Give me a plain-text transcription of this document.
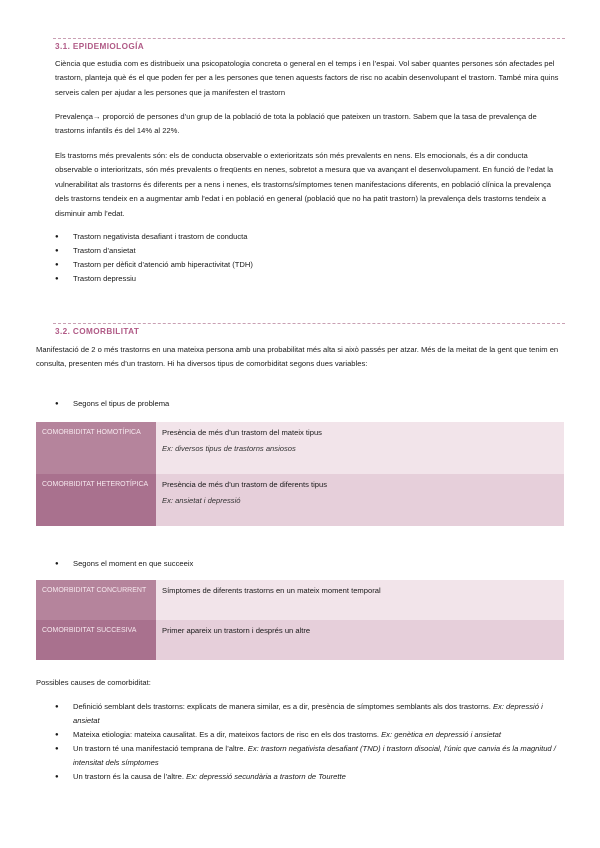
3.1. EPIDEMIOLOGÍA

Ciència que estudia com es distribueix una psicopatologia concreta o general en el temps i en l’espai. Vol saber quantes persones són afectades pel trastorn, planteja què és el que poden fer per a les persones que tenen aquests factors de risc no acabin desenvolupant el trastorn. També mira quins serveis calen per ajudar a les persones que ja manifesten el trastorn

Prevalença→ proporció de persones d’un grup de la població de tota la població que pateixen un trastorn. Sabem que la tasa de prevalença de trastorns infantils és del 14% al 22%.

Els trastorns més prevalents són: els de conducta observable o exterioritzats són més prevalents en nens. Els emocionals, és a dir conducta observable o interioritzats, són més prevalents o freqüents en nenes, sobretot a mesura que va avançant el desenvolupament. En funció de l’edat la vulnerabilitat als trastorns és diferents per a nens i nenes, els trastorns/símptomes tenen manifestacions diferents, en població clínica la prevalença dels trastorns tendeix en a augmentar amb l’edat i en població en general (població que no ha patit trastorn) la prevalença dels trastorns tendeix a disminuir amb l’edat.

● Trastorn negativista desafiant i trastorn de conducta
● Trastorn d’ansietat
● Trastorn per dèficit d’atenció amb hiperactivitat (TDH)
● Trastorn depressiu
3.2. COMORBILITAT

Manifestació de 2 o més trastorns en una mateixa persona amb una probabilitat més alta si això passés per atzar. Més de la meitat de la gent que tenim en consulta, presenten més d’un trastorn. Hi ha diversos tipus de comorbiditat segons dues variables:

● Segons el tipus de problema
COMORBIDITAT HOMOTÍPICA	Presència de més d’un trastorn del mateix tipus
Ex: diversos tipus de trastorns ansiosos
COMORBIDITAT HETEROTÍPICA	Presència de més d’un trastorn de diferents tipus
Ex: ansietat i depressió
● Segons el moment en que succeeix
COMORBIDITAT CONCURRENT	Símptomes de diferents trastorns en un mateix moment temporal
COMORBIDITAT SUCCESIVA	Primer apareix un trastorn i després un altre

Possibles causes de comorbiditat:

● Definició semblant dels trastorns: explicats de manera similar, es a dir, presència de símptomes semblants als dos trastorns. Ex: depressió i ansietat
● Mateixa etiologia: mateixa causalitat. Es a dir, mateixos factors de risc en els dos trastorns. Ex: genètica en depressió i ansietat
● Un trastorn té una manifestació temprana de l’altre. Ex: trastorn negativista desafiant (TND) i trastorn disocial, l’únic que canvia és la magnitud / intensitat dels símptomes
● Un trastorn és la causa de l’altre. Ex: depressió secundària a trastorn de Tourette
